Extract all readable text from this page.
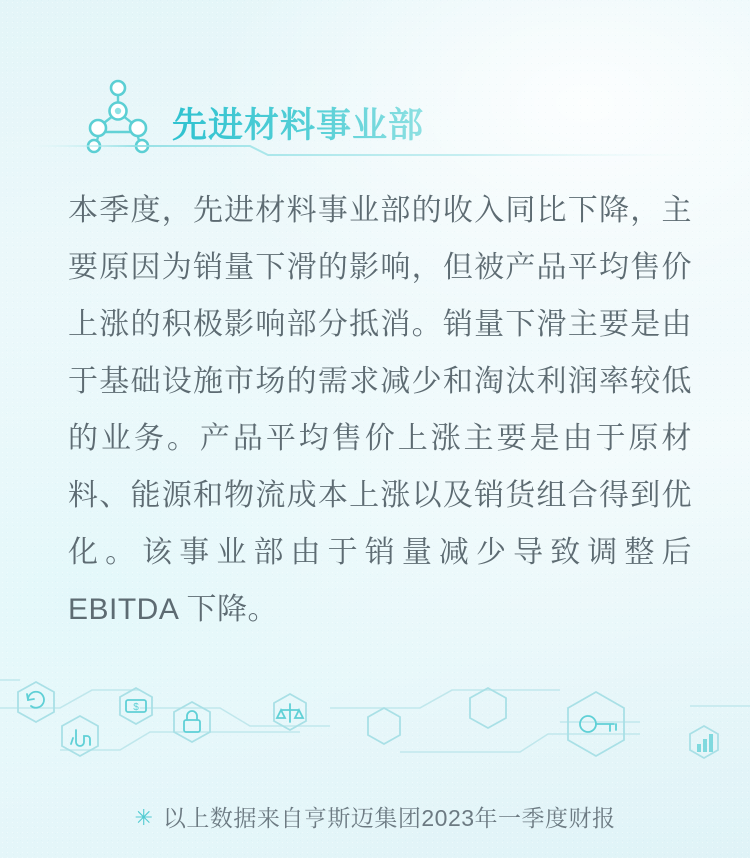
先进材料事业部
本季度，先进材料事业部的收入同比下降，主要原因为销量下滑的影响，但被产品平均售价上涨的积极影响部分抵消。销量下滑主要是由于基础设施市场的需求减少和淘汰利润率较低的业务。产品平均售价上涨主要是由于原材料、能源和物流成本上涨以及销货组合得到优化。该事业部由于销量减少导致调整后 EBITDA 下降。
$
✳ 以上数据来自亨斯迈集团2023年一季度财报
